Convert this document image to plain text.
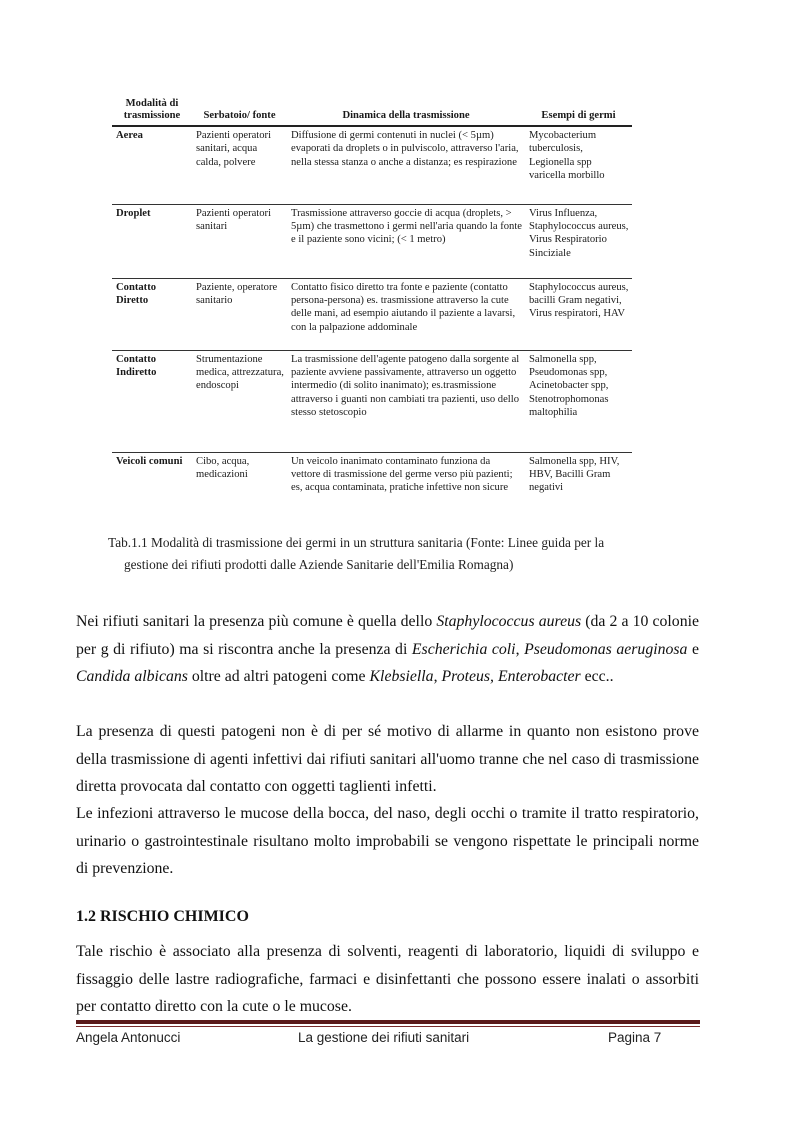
Modalità di trasmissione	Serbatoio/ fonte	Dinamica della trasmissione	Esempi di germi
Aerea	Pazienti operatori sanitari, acqua calda, polvere	Diffusione di germi contenuti in nuclei (< 5µm) evaporati da droplets o in pulviscolo, attraverso l'aria, nella stessa stanza o anche a distanza; es respirazione	Mycobacterium tuberculosis, Legionella spp varicella morbillo
Droplet	Pazienti operatori sanitari	Trasmissione attraverso goccie di acqua (droplets, > 5µm) che trasmettono i germi nell'aria quando la fonte e il paziente sono vicini; (< 1 metro)	Virus Influenza, Staphylococcus aureus, Virus Respiratorio Sinciziale
Contatto Diretto	Paziente, operatore sanitario	Contatto fisico diretto tra fonte e paziente (contatto persona-persona) es. trasmissione attraverso la cute delle mani, ad esempio aiutando il paziente a lavarsi, con la palpazione addominale	Staphylococcus aureus, bacilli Gram negativi, Virus respiratori, HAV
Contatto Indiretto	Strumentazione medica, attrezzatura, endoscopi	La trasmissione dell'agente patogeno dalla sorgente al paziente avviene passivamente, attraverso un oggetto intermedio (di solito inanimato); es.trasmissione attraverso i guanti non cambiati tra pazienti, uso dello stesso stetoscopio	Salmonella spp, Pseudomonas spp, Acinetobacter spp, Stenotrophomonas maltophilia
Veicoli comuni	Cibo, acqua, medicazioni	Un veicolo inanimato contaminato funziona da vettore di trasmissione del germe verso più pazienti; es, acqua contaminata, pratiche infettive non sicure	Salmonella spp, HIV, HBV, Bacilli Gram negativi
Tab.1.1 Modalità di trasmissione dei germi in un struttura sanitaria (Fonte: Linee guida per la
gestione dei rifiuti prodotti dalle Aziende Sanitarie dell'Emilia Romagna)

Nei rifiuti sanitari la presenza più comune è quella dello Staphylococcus aureus (da 2 a 10 colonie per g di rifiuto) ma si riscontra anche la presenza di Escherichia coli, Pseudomonas aeruginosa e Candida albicans oltre ad altri patogeni come Klebsiella, Proteus, Enterobacter ecc..

La presenza di questi patogeni non è di per sé motivo di allarme in quanto non esistono prove della trasmissione di agenti infettivi dai rifiuti sanitari all'uomo tranne che nel caso di trasmissione diretta provocata dal contatto con oggetti taglienti infetti.

Le infezioni attraverso le mucose della bocca, del naso, degli occhi o tramite il tratto respiratorio, urinario o gastrointestinale risultano molto improbabili se vengono rispettate le principali norme di prevenzione.

1.2 RISCHIO CHIMICO

Tale rischio è associato alla presenza di solventi, reagenti di laboratorio, liquidi di sviluppo e fissaggio delle lastre radiografiche, farmaci e disinfettanti che possono essere inalati o assorbiti per contatto diretto con la cute o le mucose.

Angela Antonucci	La gestione dei rifiuti sanitari	Pagina 7
